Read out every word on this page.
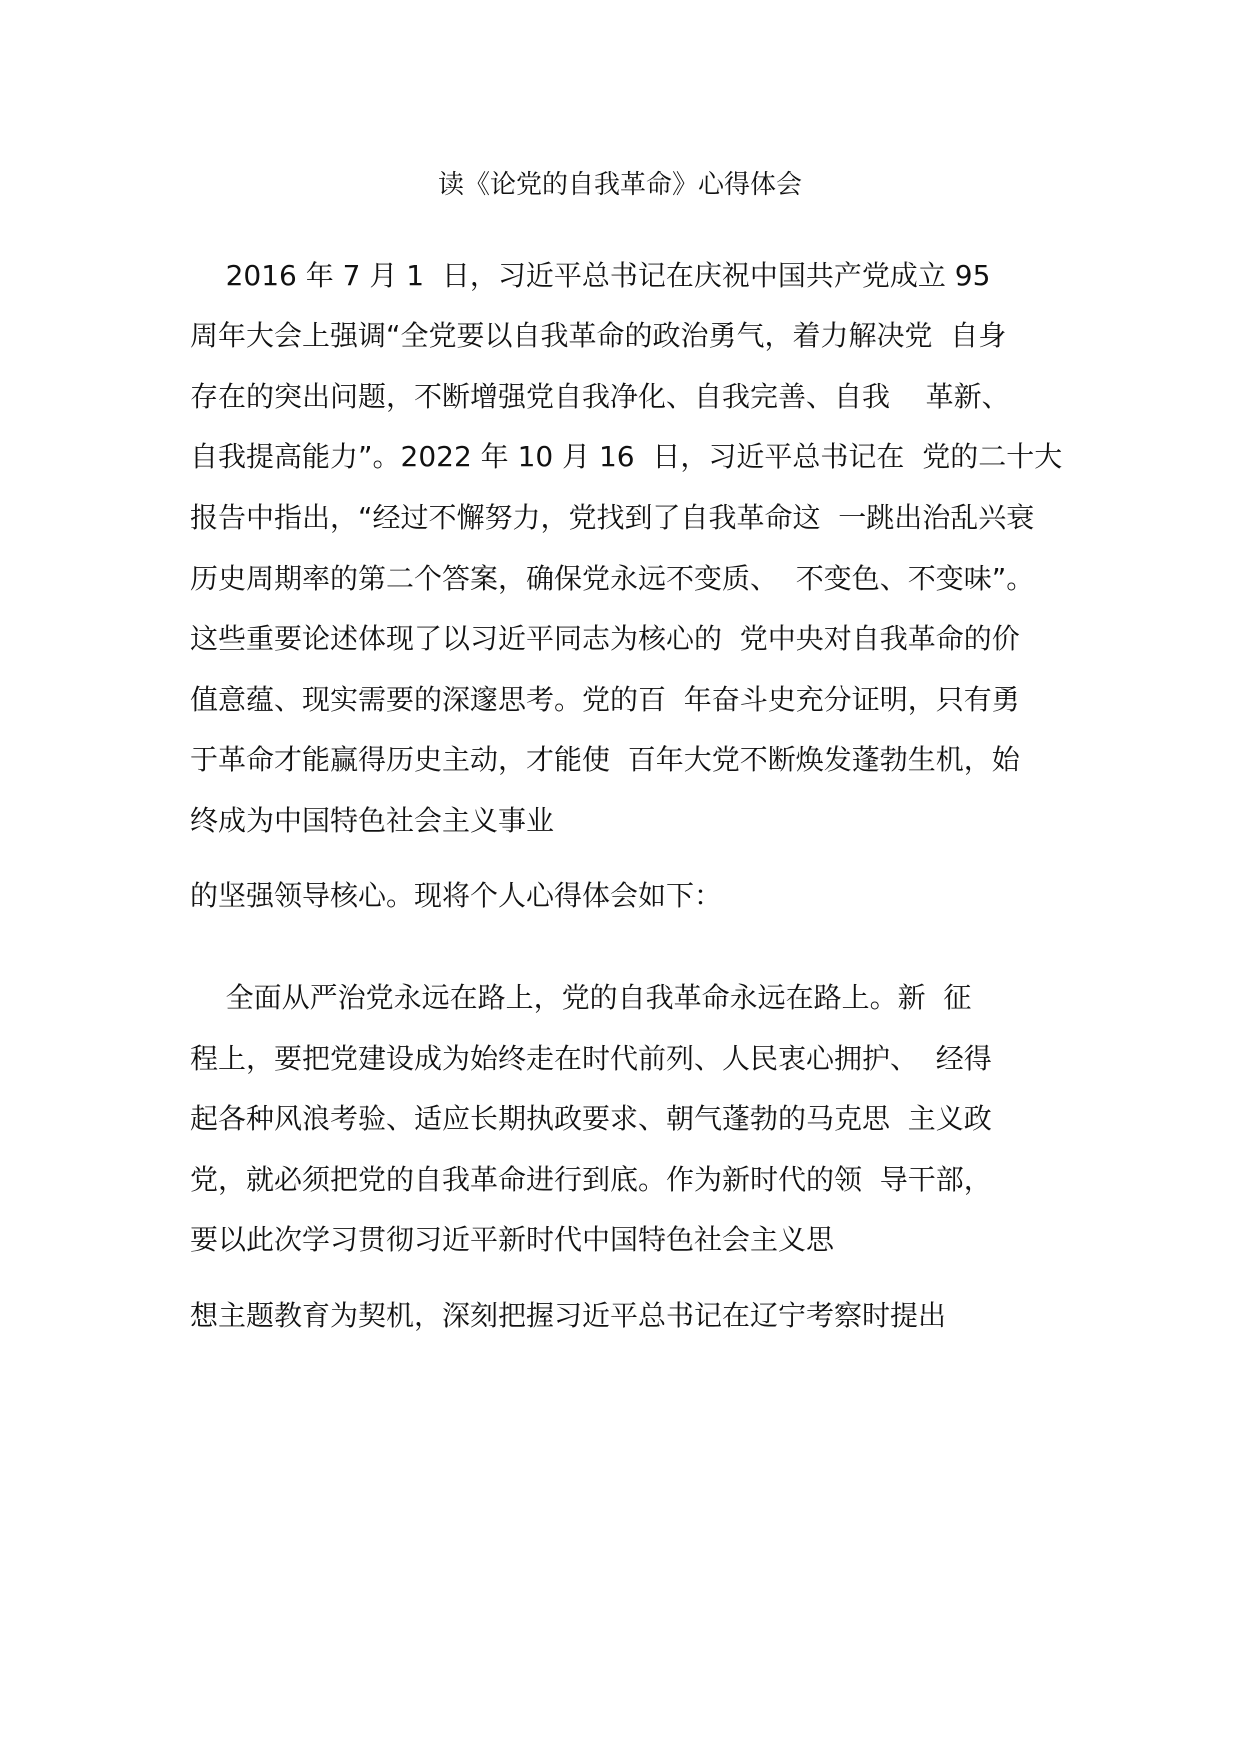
读《论党的自我革命》心得体会
2016 年 7 月 1  日，习近平总书记在庆祝中国共产党成立 95
周年大会上强调“全党要以自我革命的政治勇气，着力解决党  自身
存在的突出问题，不断增强党自我净化、自我完善、自我    革新、
自我提高能力”。2022 年 10 月 16  日，习近平总书记在  党的二十大
报告中指出，“经过不懈努力，党找到了自我革命这  一跳出治乱兴衰
历史周期率的第二个答案，确保党永远不变质、  不变色、不变味”。
这些重要论述体现了以习近平同志为核心的  党中央对自我革命的价
值意蕴、现实需要的深邃思考。党的百  年奋斗史充分证明，只有勇
于革命才能赢得历史主动，才能使  百年大党不断焕发蓬勃生机，始
终成为中国特色社会主义事业
的坚强领导核心。现将个人心得体会如下：
全面从严治党永远在路上，党的自我革命永远在路上。新  征
程上，要把党建设成为始终走在时代前列、人民衷心拥护、  经得
起各种风浪考验、适应长期执政要求、朝气蓬勃的马克思  主义政
党，就必须把党的自我革命进行到底。作为新时代的领  导干部，
要以此次学习贯彻习近平新时代中国特色社会主义思
想主题教育为契机，深刻把握习近平总书记在辽宁考察时提出
